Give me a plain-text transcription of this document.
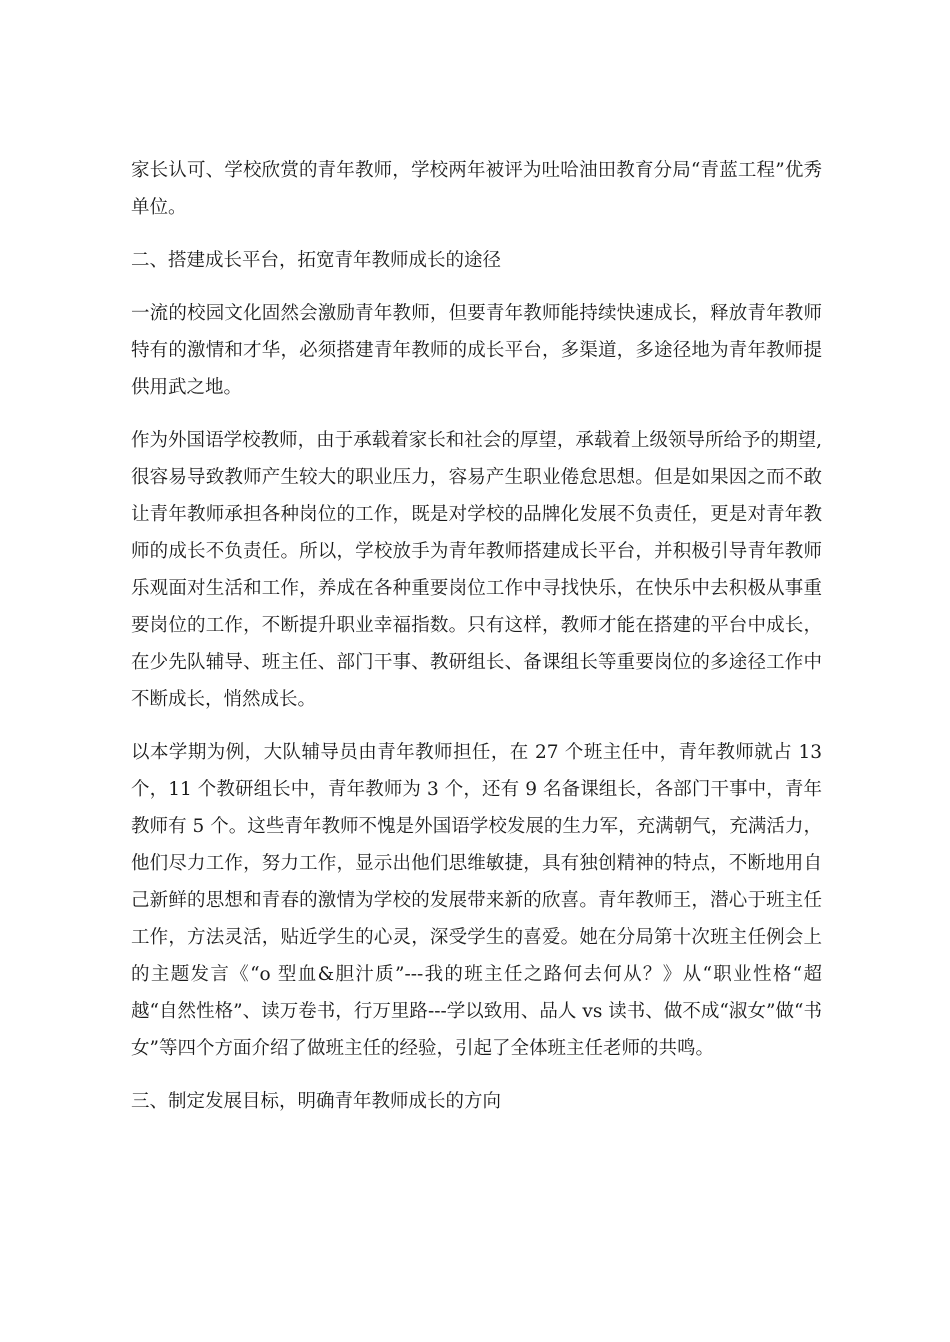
家长认可、学校欣赏的青年教师，学校两年被评为吐哈油田教育分局“青蓝工程”优秀单位。

二、搭建成长平台，拓宽青年教师成长的途径

一流的校园文化固然会激励青年教师，但要青年教师能持续快速成长，释放青年教师特有的激情和才华，必须搭建青年教师的成长平台，多渠道，多途径地为青年教师提供用武之地。

作为外国语学校教师，由于承载着家长和社会的厚望，承载着上级领导所给予的期望,很容易导致教师产生较大的职业压力，容易产生职业倦怠思想。但是如果因之而不敢让青年教师承担各种岗位的工作，既是对学校的品牌化发展不负责任，更是对青年教师的成长不负责任。所以，学校放手为青年教师搭建成长平台，并积极引导青年教师乐观面对生活和工作，养成在各种重要岗位工作中寻找快乐，在快乐中去积极从事重要岗位的工作，不断提升职业幸福指数。只有这样，教师才能在搭建的平台中成长，在少先队辅导、班主任、部门干事、教研组长、备课组长等重要岗位的多途径工作中不断成长，悄然成长。

以本学期为例，大队辅导员由青年教师担任，在 27 个班主任中，青年教师就占 13 个，11 个教研组长中，青年教师为 3 个，还有 9 名备课组长，各部门干事中，青年教师有 5 个。这些青年教师不愧是外国语学校发展的生力军，充满朝气，充满活力，他们尽力工作，努力工作，显示出他们思维敏捷，具有独创精神的特点，不断地用自己新鲜的思想和青春的激情为学校的发展带来新的欣喜。青年教师王，潜心于班主任工作，方法灵活，贴近学生的心灵，深受学生的喜爱。她在分局第十次班主任例会上的主题发言《“o 型血&胆汁质”---我的班主任之路何去何从？》从“职业性格“超越“自然性格”、读万卷书，行万里路---学以致用、品人 vs 读书、做不成“淑女”做“书女”等四个方面介绍了做班主任的经验，引起了全体班主任老师的共鸣。

三、制定发展目标，明确青年教师成长的方向
